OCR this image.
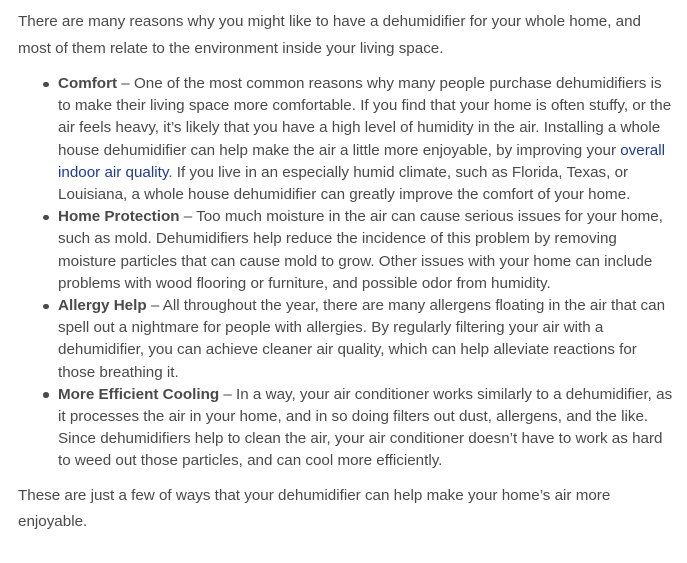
There are many reasons why you might like to have a dehumidifier for your whole home, and most of them relate to the environment inside your living space.

Comfort – One of the most common reasons why many people purchase dehumidifiers is to make their living space more comfortable. If you find that your home is often stuffy, or the air feels heavy, it’s likely that you have a high level of humidity in the air. Installing a whole house dehumidifier can help make the air a little more enjoyable, by improving your overall indoor air quality. If you live in an especially humid climate, such as Florida, Texas, or Louisiana, a whole house dehumidifier can greatly improve the comfort of your home.
Home Protection – Too much moisture in the air can cause serious issues for your home, such as mold. Dehumidifiers help reduce the incidence of this problem by removing moisture particles that can cause mold to grow. Other issues with your home can include problems with wood flooring or furniture, and possible odor from humidity.
Allergy Help – All throughout the year, there are many allergens floating in the air that can spell out a nightmare for people with allergies. By regularly filtering your air with a dehumidifier, you can achieve cleaner air quality, which can help alleviate reactions for those breathing it.
More Efficient Cooling – In a way, your air conditioner works similarly to a dehumidifier, as it processes the air in your home, and in so doing filters out dust, allergens, and the like. Since dehumidifiers help to clean the air, your air conditioner doesn’t have to work as hard to weed out those particles, and can cool more efficiently.

These are just a few of ways that your dehumidifier can help make your home’s air more enjoyable.
